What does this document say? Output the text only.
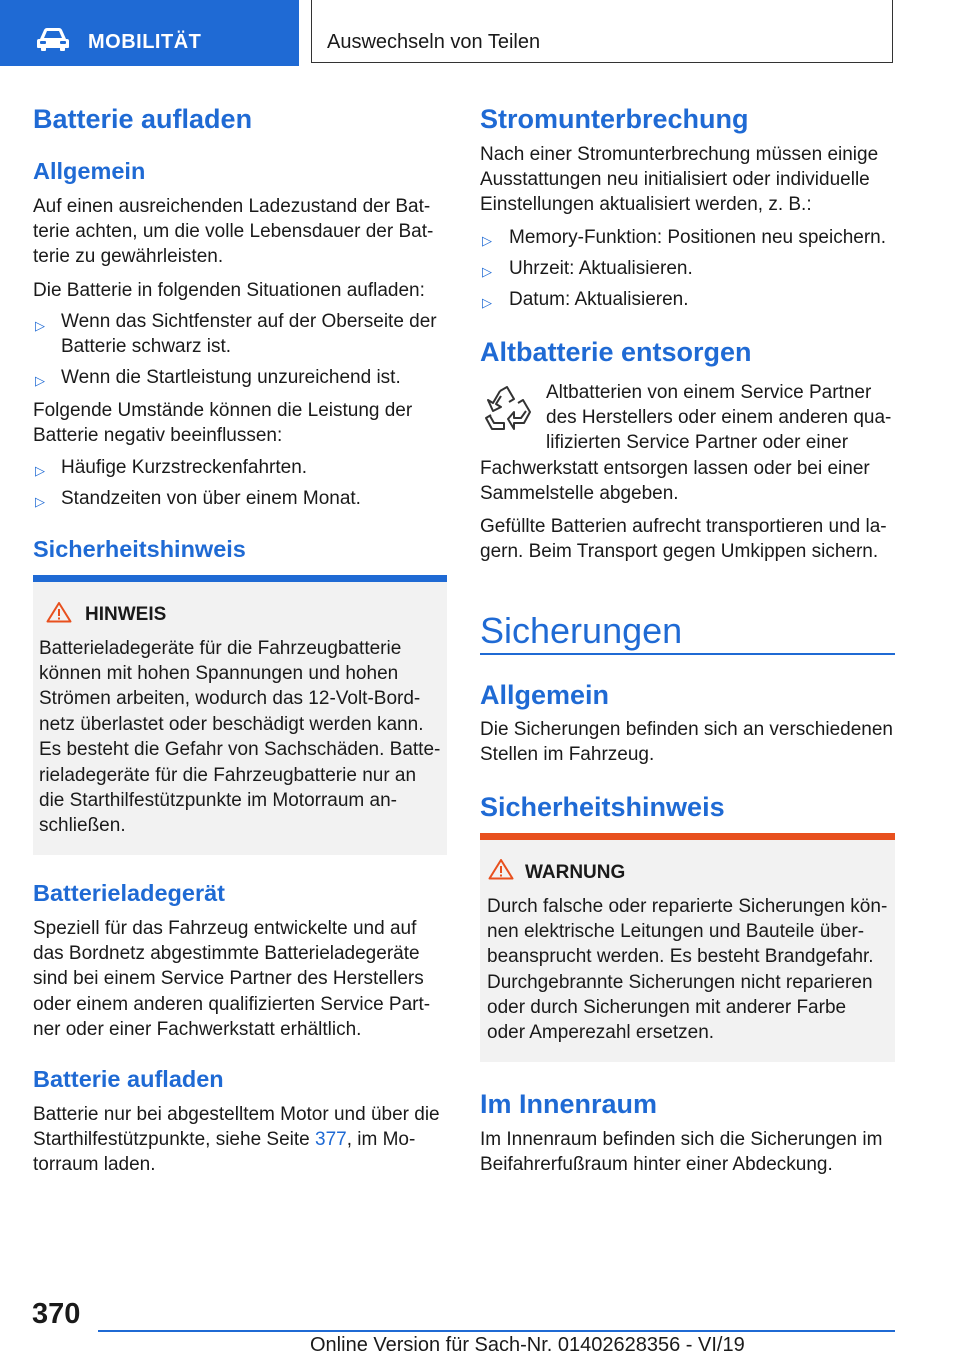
MOBILITÄT	Auswechseln von Teilen
Batterie aufladen
Allgemein
Auf einen ausreichenden Ladezustand der Bat-
terie achten, um die volle Lebensdauer der Bat-
terie zu gewährleisten.
Die Batterie in folgenden Situationen aufladen:
▷ Wenn das Sichtfenster auf der Oberseite der
Batterie schwarz ist.
▷ Wenn die Startleistung unzureichend ist.
Folgende Umstände können die Leistung der
Batterie negativ beeinflussen:
▷ Häufige Kurzstreckenfahrten.
▷ Standzeiten von über einem Monat.
Sicherheitshinweis
HINWEIS
Batterieladegeräte für die Fahrzeugbatterie
können mit hohen Spannungen und hohen
Strömen arbeiten, wodurch das 12-Volt-Bord-
netz überlastet oder beschädigt werden kann.
Es besteht die Gefahr von Sachschäden. Batte-
rieladegeräte für die Fahrzeugbatterie nur an
die Starthilfestützpunkte im Motorraum an-
schließen.
Batterieladegerät
Speziell für das Fahrzeug entwickelte und auf
das Bordnetz abgestimmte Batterieladegeräte
sind bei einem Service Partner des Herstellers
oder einem anderen qualifizierten Service Part-
ner oder einer Fachwerkstatt erhältlich.
Batterie aufladen
Batterie nur bei abgestelltem Motor und über die
Starthilfestützpunkte, siehe Seite 377, im Mo-
torraum laden.
Stromunterbrechung
Nach einer Stromunterbrechung müssen einige
Ausstattungen neu initialisiert oder individuelle
Einstellungen aktualisiert werden, z. B.:
▷ Memory-Funktion: Positionen neu speichern.
▷ Uhrzeit: Aktualisieren.
▷ Datum: Aktualisieren.
Altbatterie entsorgen
Altbatterien von einem Service Partner
des Herstellers oder einem anderen qua-
lifizierten Service Partner oder einer
Fachwerkstatt entsorgen lassen oder bei einer
Sammelstelle abgeben.
Gefüllte Batterien aufrecht transportieren und la-
gern. Beim Transport gegen Umkippen sichern.
Sicherungen
Allgemein
Die Sicherungen befinden sich an verschiedenen
Stellen im Fahrzeug.
Sicherheitshinweis
WARNUNG
Durch falsche oder reparierte Sicherungen kön-
nen elektrische Leitungen und Bauteile über-
beansprucht werden. Es besteht Brandgefahr.
Durchgebrannte Sicherungen nicht reparieren
oder durch Sicherungen mit anderer Farbe
oder Amperezahl ersetzen.
Im Innenraum
Im Innenraum befinden sich die Sicherungen im
Beifahrerfußraum hinter einer Abdeckung.
370
Online Version für Sach-Nr. 01402628356 - VI/19
